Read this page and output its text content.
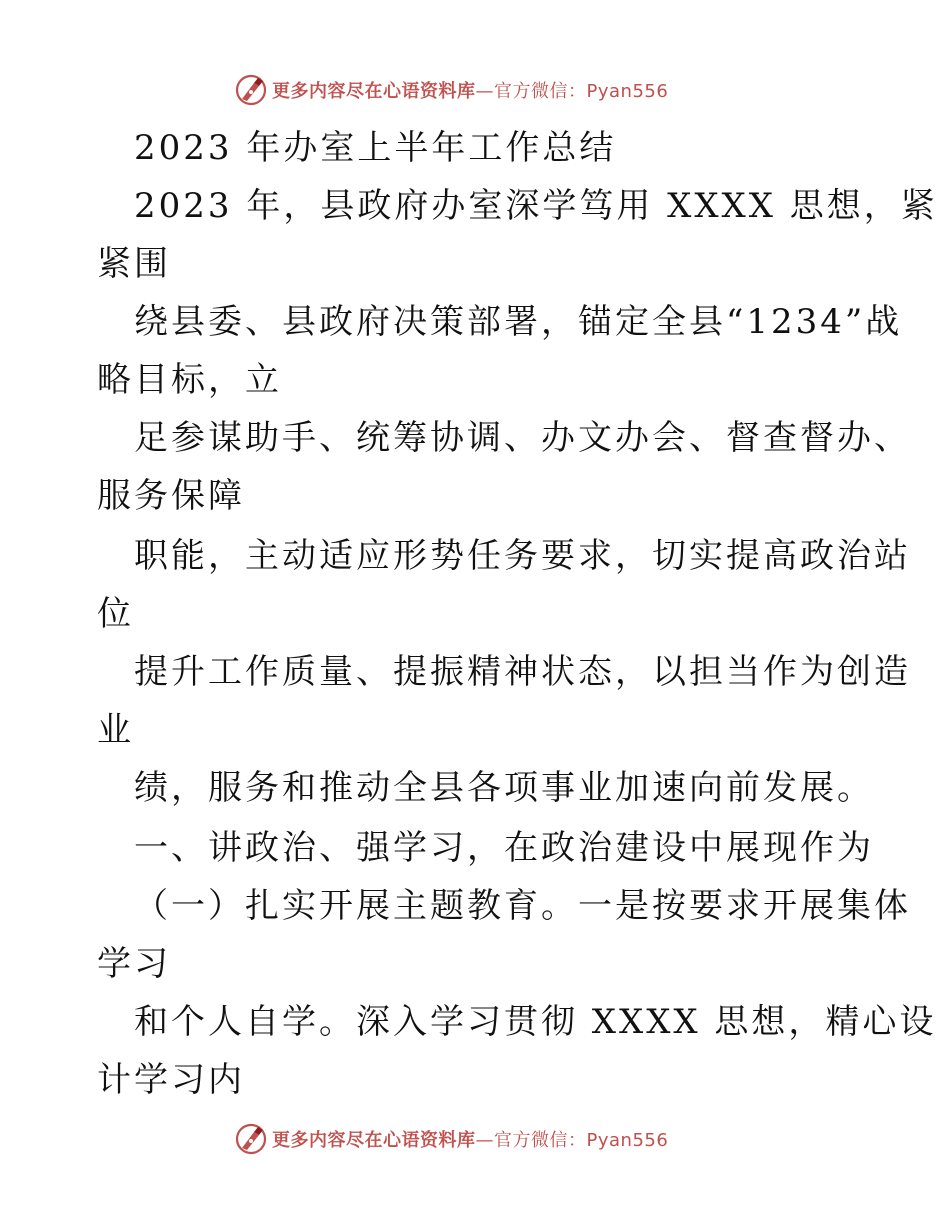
更多内容尽在心语资料库—官方微信：Pyan556
2023 年办室上半年工作总结
2023 年，县政府办室深学笃用 XXXX 思想，紧
紧围
绕县委、县政府决策部署，锚定全县“1234”战
略目标，立
足参谋助手、统筹协调、办文办会、督查督办、
服务保障
职能，主动适应形势任务要求，切实提高政治站
位
提升工作质量、提振精神状态，以担当作为创造
业
绩，服务和推动全县各项事业加速向前发展。
一、讲政治、强学习，在政治建设中展现作为
（一）扎实开展主题教育。一是按要求开展集体
学习
和个人自学。深入学习贯彻 XXXX 思想，精心设
计学习内
更多内容尽在心语资料库—官方微信：Pyan556
